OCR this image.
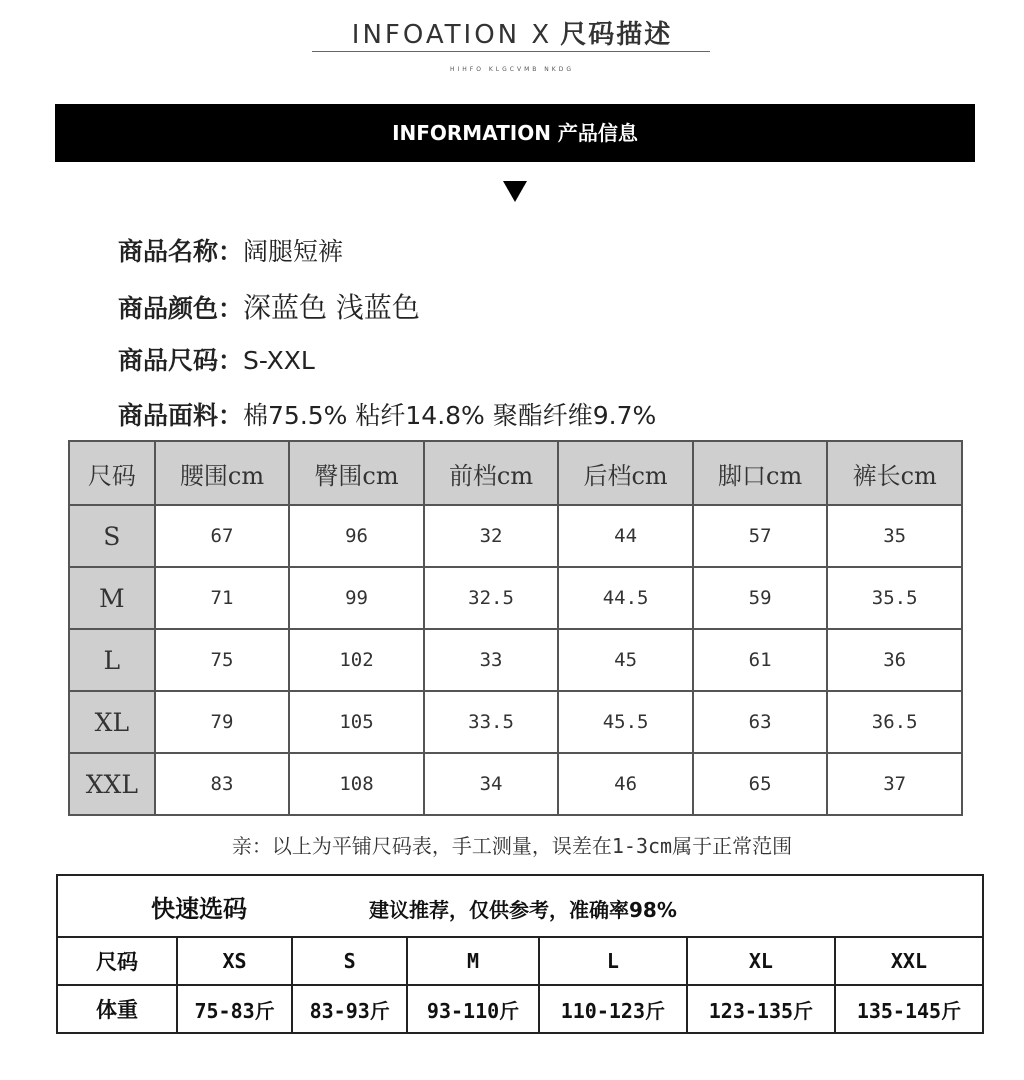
INFOATION X 尺码描述
HIHFO KLGCVMB NKDG
INFORMATION 产品信息
商品名称：阔腿短裤
商品颜色：深蓝色 浅蓝色
商品尺码：S-XXL
商品面料：棉75.5% 粘纤14.8% 聚酯纤维9.7%
尺码	腰围cm	臀围cm	前档cm	后档cm	脚口cm	裤长cm
S	67	96	32	44	57	35
M	71	99	32.5	44.5	59	35.5
L	75	102	33	45	61	36
XL	79	105	33.5	45.5	63	36.5
XXL	83	108	34	46	65	37
亲：以上为平铺尺码表，手工测量，误差在1-3cm属于正常范围
快速选码 建议推荐，仅供参考，准确率98%						
尺码	XS	S	M	L	XL	XXL
体重	75-83斤	83-93斤	93-110斤	110-123斤	123-135斤	135-145斤
